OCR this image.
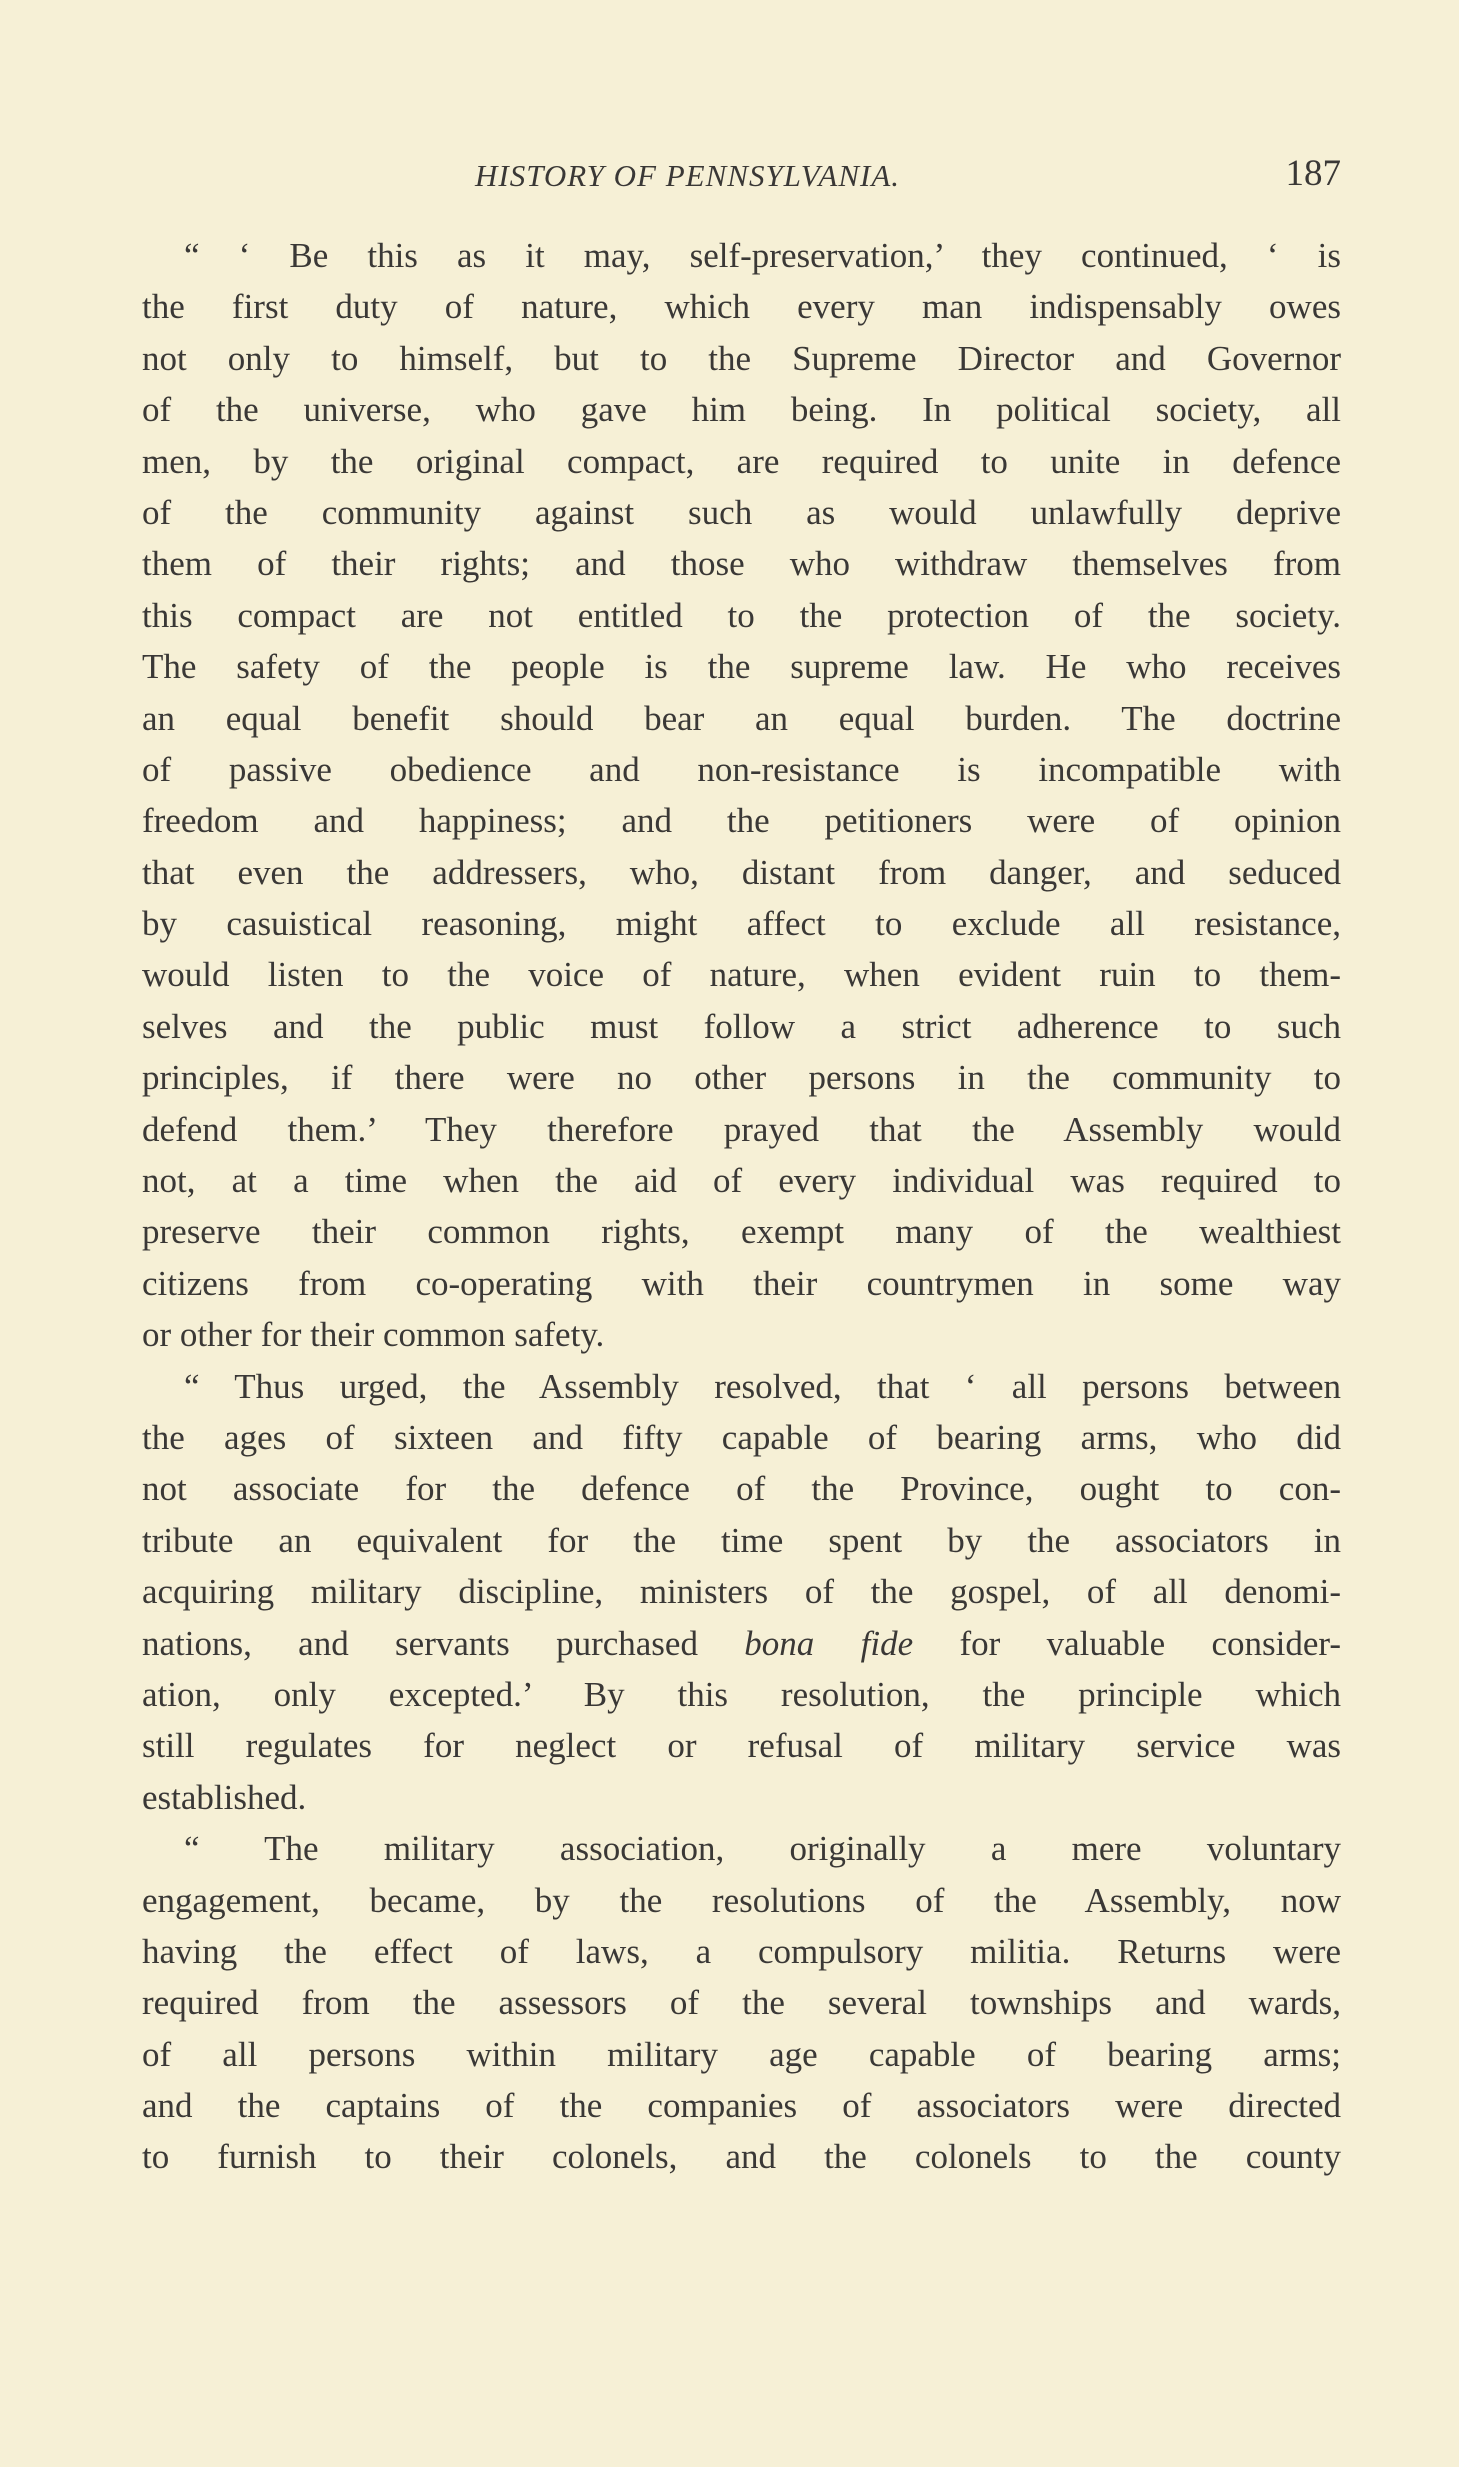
HISTORY OF PENNSYLVANIA.	187
“ ‘ Be this as it may, self-preservation,’ they continued, ‘ is
the first duty of nature, which every man indispensably owes
not only to himself, but to the Supreme Director and Governor
of the universe, who gave him being. In political society, all
men, by the original compact, are required to unite in defence
of the community against such as would unlawfully deprive
them of their rights; and those who withdraw themselves from
this compact are not entitled to the protection of the society.
The safety of the people is the supreme law. He who receives
an equal benefit should bear an equal burden. The doctrine
of passive obedience and non-resistance is incompatible with
freedom and happiness; and the petitioners were of opinion
that even the addressers, who, distant from danger, and seduced
by casuistical reasoning, might affect to exclude all resistance,
would listen to the voice of nature, when evident ruin to them-
selves and the public must follow a strict adherence to such
principles, if there were no other persons in the community to
defend them.’ They therefore prayed that the Assembly would
not, at a time when the aid of every individual was required to
preserve their common rights, exempt many of the wealthiest
citizens from co-operating with their countrymen in some way
or other for their common safety.
“ Thus urged, the Assembly resolved, that ‘ all persons between
the ages of sixteen and fifty capable of bearing arms, who did
not associate for the defence of the Province, ought to con-
tribute an equivalent for the time spent by the associators in
acquiring military discipline, ministers of the gospel, of all denomi-
nations, and servants purchased bona fide for valuable consider-
ation, only excepted.’ By this resolution, the principle which
still regulates for neglect or refusal of military service was
established.
“ The military association, originally a mere voluntary
engagement, became, by the resolutions of the Assembly, now
having the effect of laws, a compulsory militia. Returns were
required from the assessors of the several townships and wards,
of all persons within military age capable of bearing arms;
and the captains of the companies of associators were directed
to furnish to their colonels, and the colonels to the county
